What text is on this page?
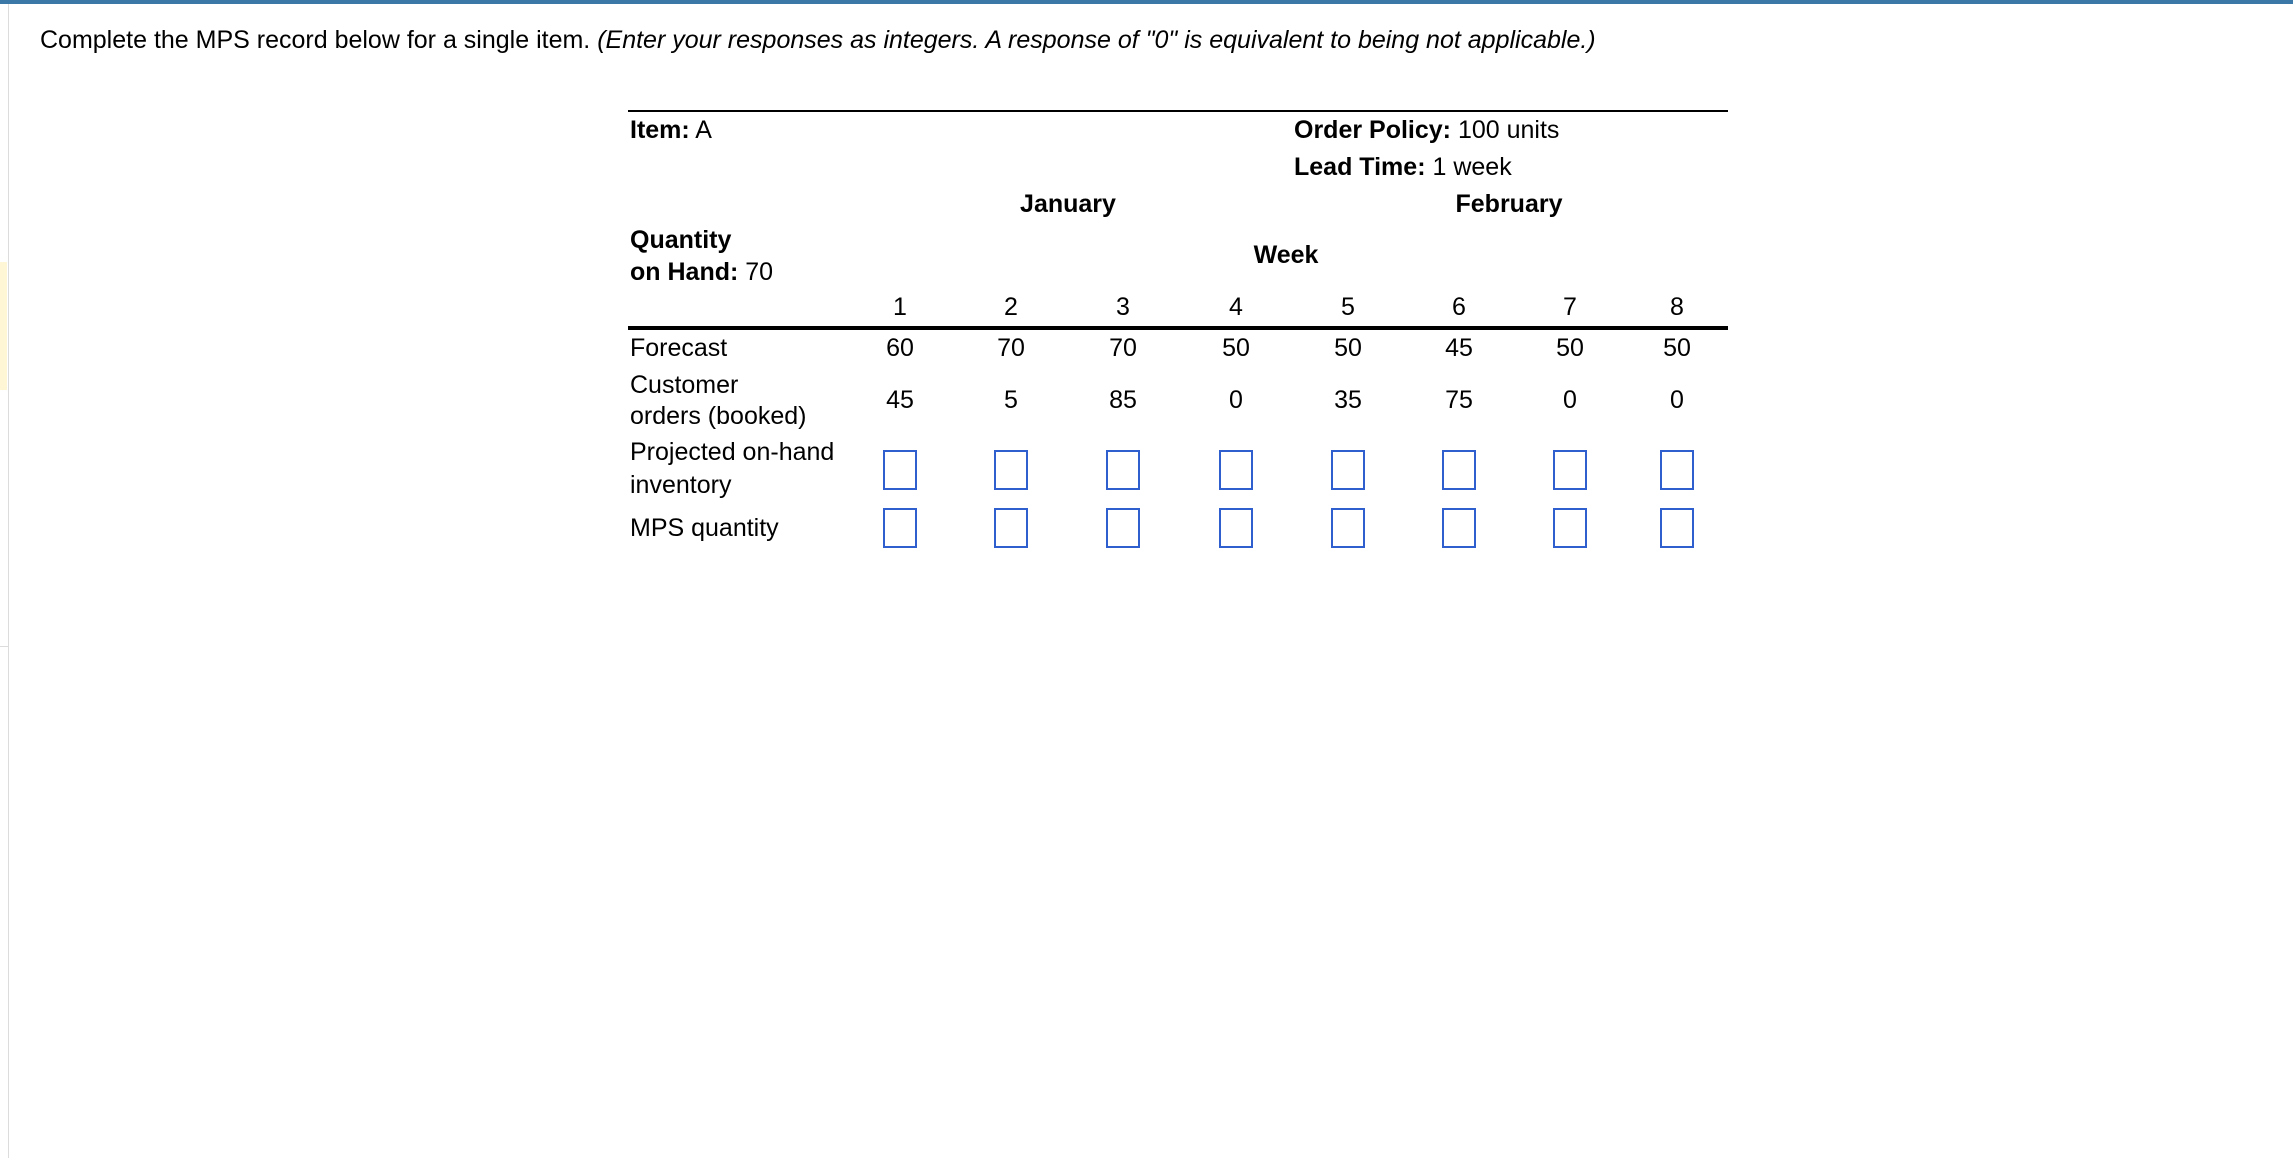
Complete the MPS record below for a single item. (Enter your responses as integers. A response of "0" is equivalent to being not applicable.)
Item: A	Order Policy: 100 units
Lead Time: 1 week
January	February
Quantity
on Hand: 70
Week
1	2	3	4	5	6	7	8
Forecast	60	70	70	50	50	45	50	50
Customer
orders (booked)
45	5	85	0	35	75	0	0
Projected on-hand
inventory
MPS quantity
